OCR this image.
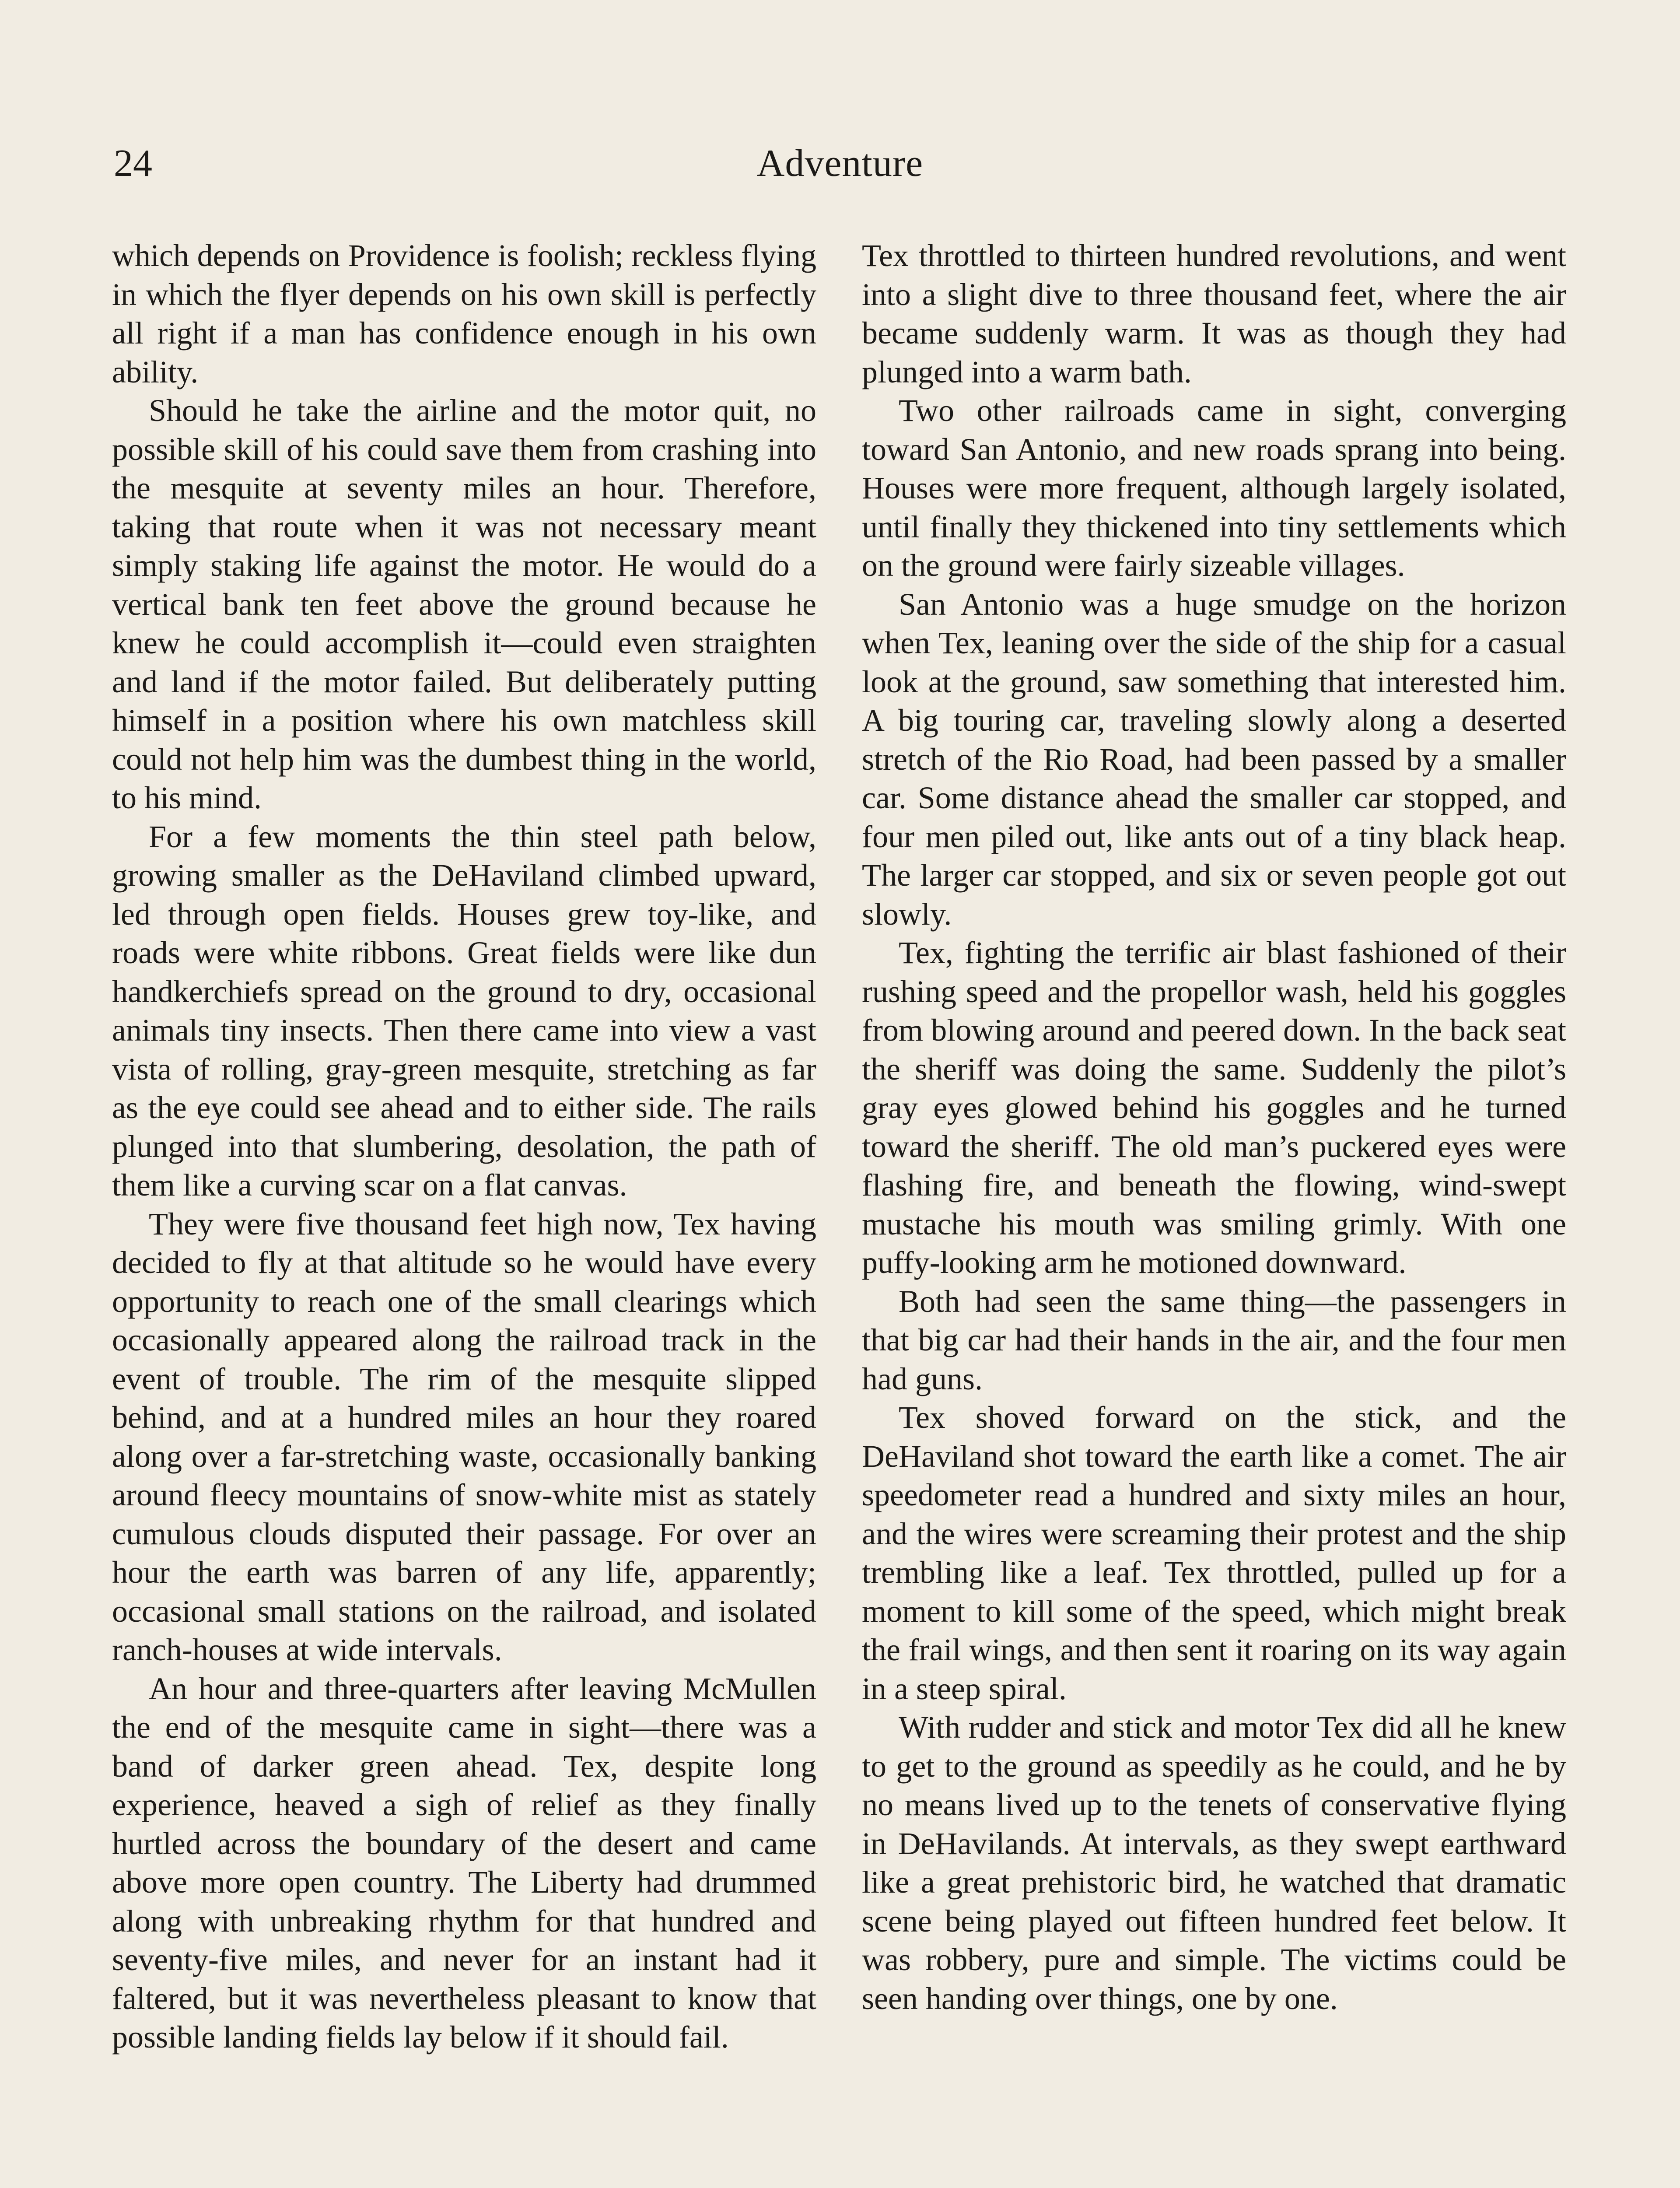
24	Adventure

which depends on Providence is foolish; reckless flying in which the flyer depends on his own skill is perfectly all right if a man has confidence enough in his own ability.

Should he take the airline and the motor quit, no possible skill of his could save them from crashing into the mesquite at seventy miles an hour. Therefore, taking that route when it was not necessary meant simply staking life against the motor. He would do a vertical bank ten feet above the ground because he knew he could accomplish it—could even straighten and land if the motor failed. But deliberately putting himself in a position where his own matchless skill could not help him was the dumbest thing in the world, to his mind.

For a few moments the thin steel path below, growing smaller as the DeHaviland climbed upward, led through open fields. Houses grew toy-like, and roads were white ribbons. Great fields were like dun handkerchiefs spread on the ground to dry, occasional animals tiny insects. Then there came into view a vast vista of rolling, gray-green mesquite, stretching as far as the eye could see ahead and to either side. The rails plunged into that slumbering, desolation, the path of them like a curving scar on a flat canvas.

They were five thousand feet high now, Tex having decided to fly at that altitude so he would have every opportunity to reach one of the small clearings which occasionally appeared along the railroad track in the event of trouble. The rim of the mesquite slipped behind, and at a hundred miles an hour they roared along over a far-stretching waste, occasionally banking around fleecy mountains of snow-white mist as stately cumulous clouds disputed their passage. For over an hour the earth was barren of any life, apparently; occasional small stations on the railroad, and isolated ranch-houses at wide intervals.

An hour and three-quarters after leaving McMullen the end of the mesquite came in sight—there was a band of darker green ahead. Tex, despite long experience, heaved a sigh of relief as they finally hurtled across the boundary of the desert and came above more open country. The Liberty had drummed along with unbreaking rhythm for that hundred and seventy-five miles, and never for an instant had it faltered, but it was nevertheless pleasant to know that possible landing fields lay below if it should fail.

Tex throttled to thirteen hundred revolutions, and went into a slight dive to three thousand feet, where the air became suddenly warm. It was as though they had plunged into a warm bath.

Two other railroads came in sight, converging toward San Antonio, and new roads sprang into being. Houses were more frequent, although largely isolated, until finally they thickened into tiny settlements which on the ground were fairly sizeable villages.

San Antonio was a huge smudge on the horizon when Tex, leaning over the side of the ship for a casual look at the ground, saw something that interested him. A big touring car, traveling slowly along a deserted stretch of the Rio Road, had been passed by a smaller car. Some distance ahead the smaller car stopped, and four men piled out, like ants out of a tiny black heap. The larger car stopped, and six or seven people got out slowly.

Tex, fighting the terrific air blast fashioned of their rushing speed and the propellor wash, held his goggles from blowing around and peered down. In the back seat the sheriff was doing the same. Suddenly the pilot’s gray eyes glowed behind his goggles and he turned toward the sheriff. The old man’s puckered eyes were flashing fire, and beneath the flowing, wind-swept mustache his mouth was smiling grimly. With one puffy-looking arm he motioned downward.

Both had seen the same thing—the passengers in that big car had their hands in the air, and the four men had guns.

Tex shoved forward on the stick, and the DeHaviland shot toward the earth like a comet. The air speedometer read a hundred and sixty miles an hour, and the wires were screaming their protest and the ship trembling like a leaf. Tex throttled, pulled up for a moment to kill some of the speed, which might break the frail wings, and then sent it roaring on its way again in a steep spiral.

With rudder and stick and motor Tex did all he knew to get to the ground as speedily as he could, and he by no means lived up to the tenets of conservative flying in DeHavilands. At intervals, as they swept earthward like a great prehistoric bird, he watched that dramatic scene being played out fifteen hundred feet below. It was robbery, pure and simple. The victims could be seen handing over things, one by one.
